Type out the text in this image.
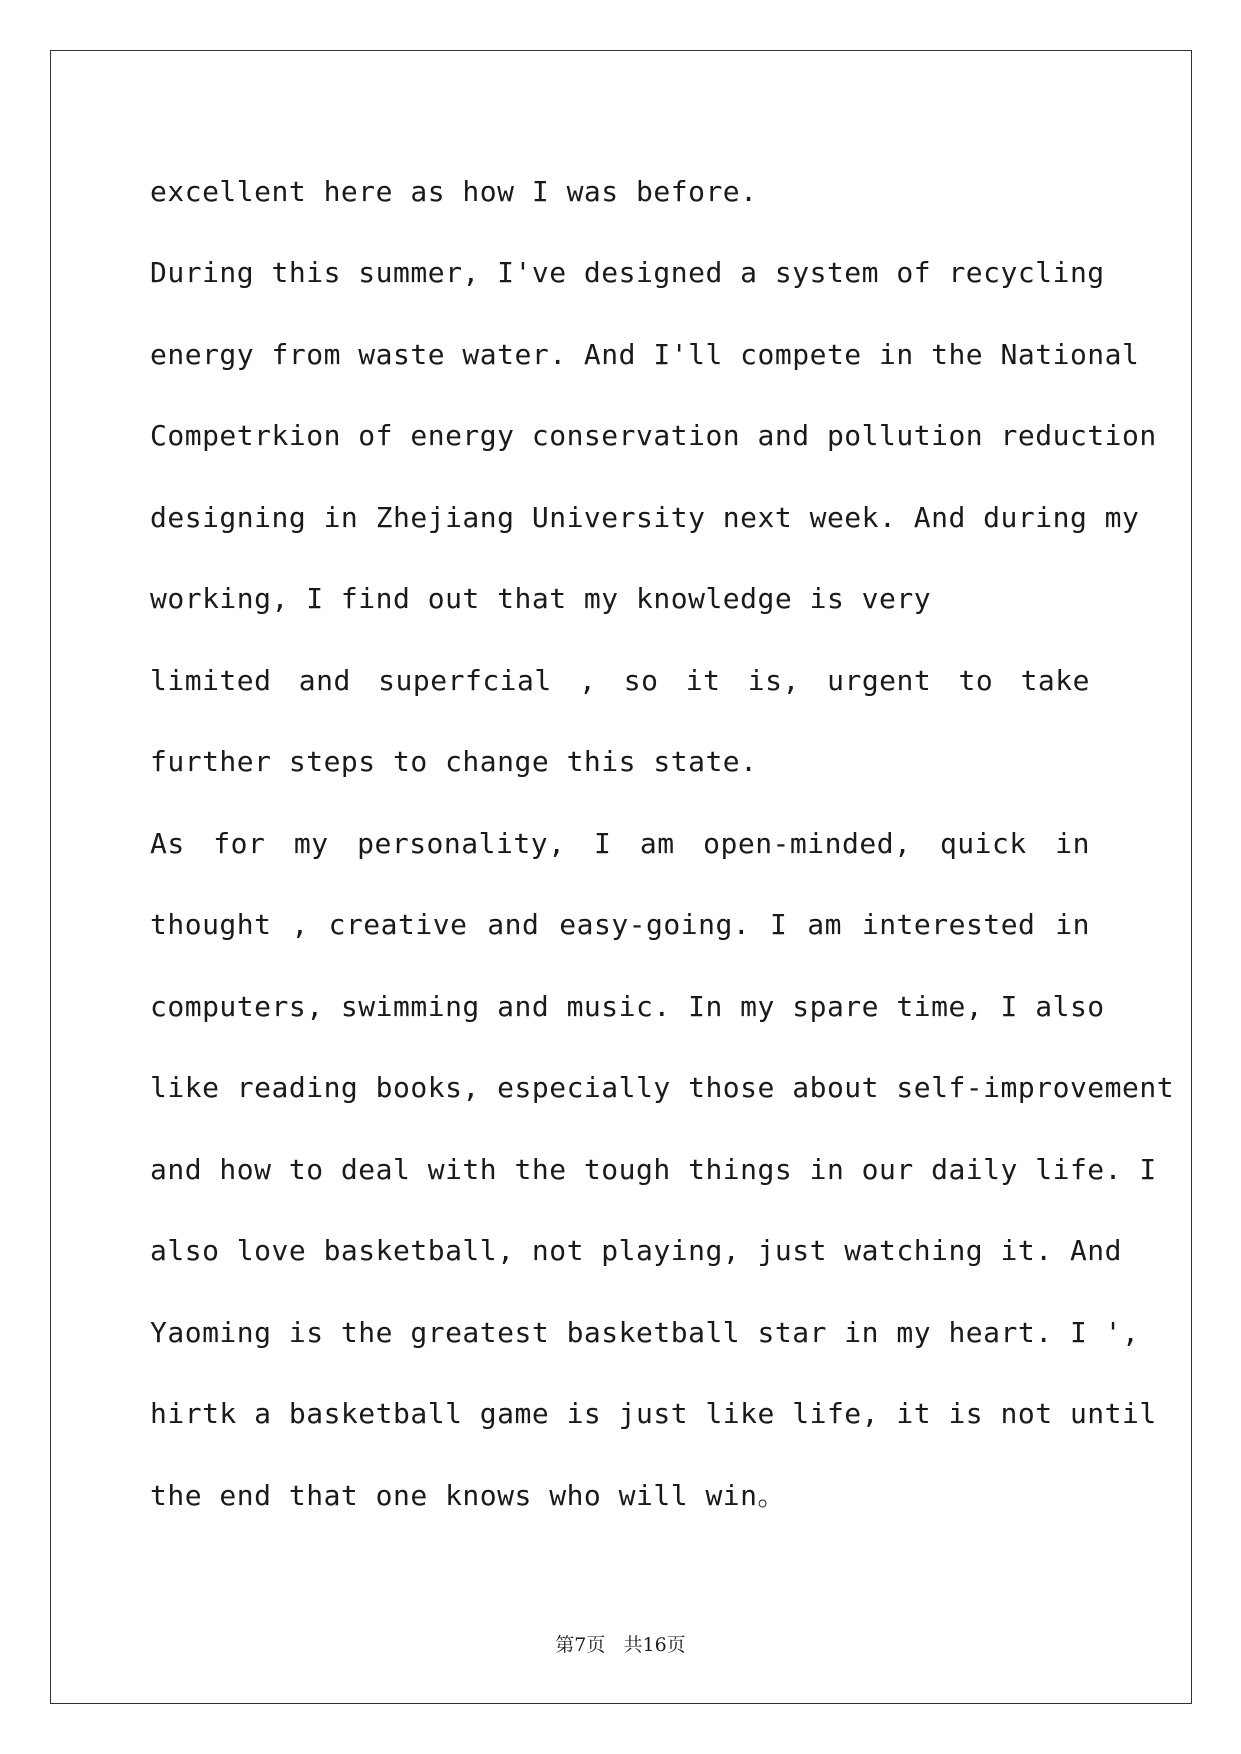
excellent here as how I was before.
During this summer, I've designed a system of recycling
energy from waste water. And I'll compete in the National
Competrkion of energy conservation and pollution reduction
designing in Zhejiang University next week. And during my
working, I find out that my knowledge is very
limited and superfcial , so it is, urgent to take
further steps to change this state.
As for my personality, I am open-minded, quick in
thought , creative and easy-going. I am interested in
computers, swimming and music. In my spare time, I also
like reading books, especially those about self-improvement
and how to deal with the tough things in our daily life. I
also love basketball, not playing, just watching it. And
Yaoming is the greatest basketball star in my heart. I ',
hirtk a basketball game is just like life, it is not until
the end that one knows who will win。
第7页   共16页
